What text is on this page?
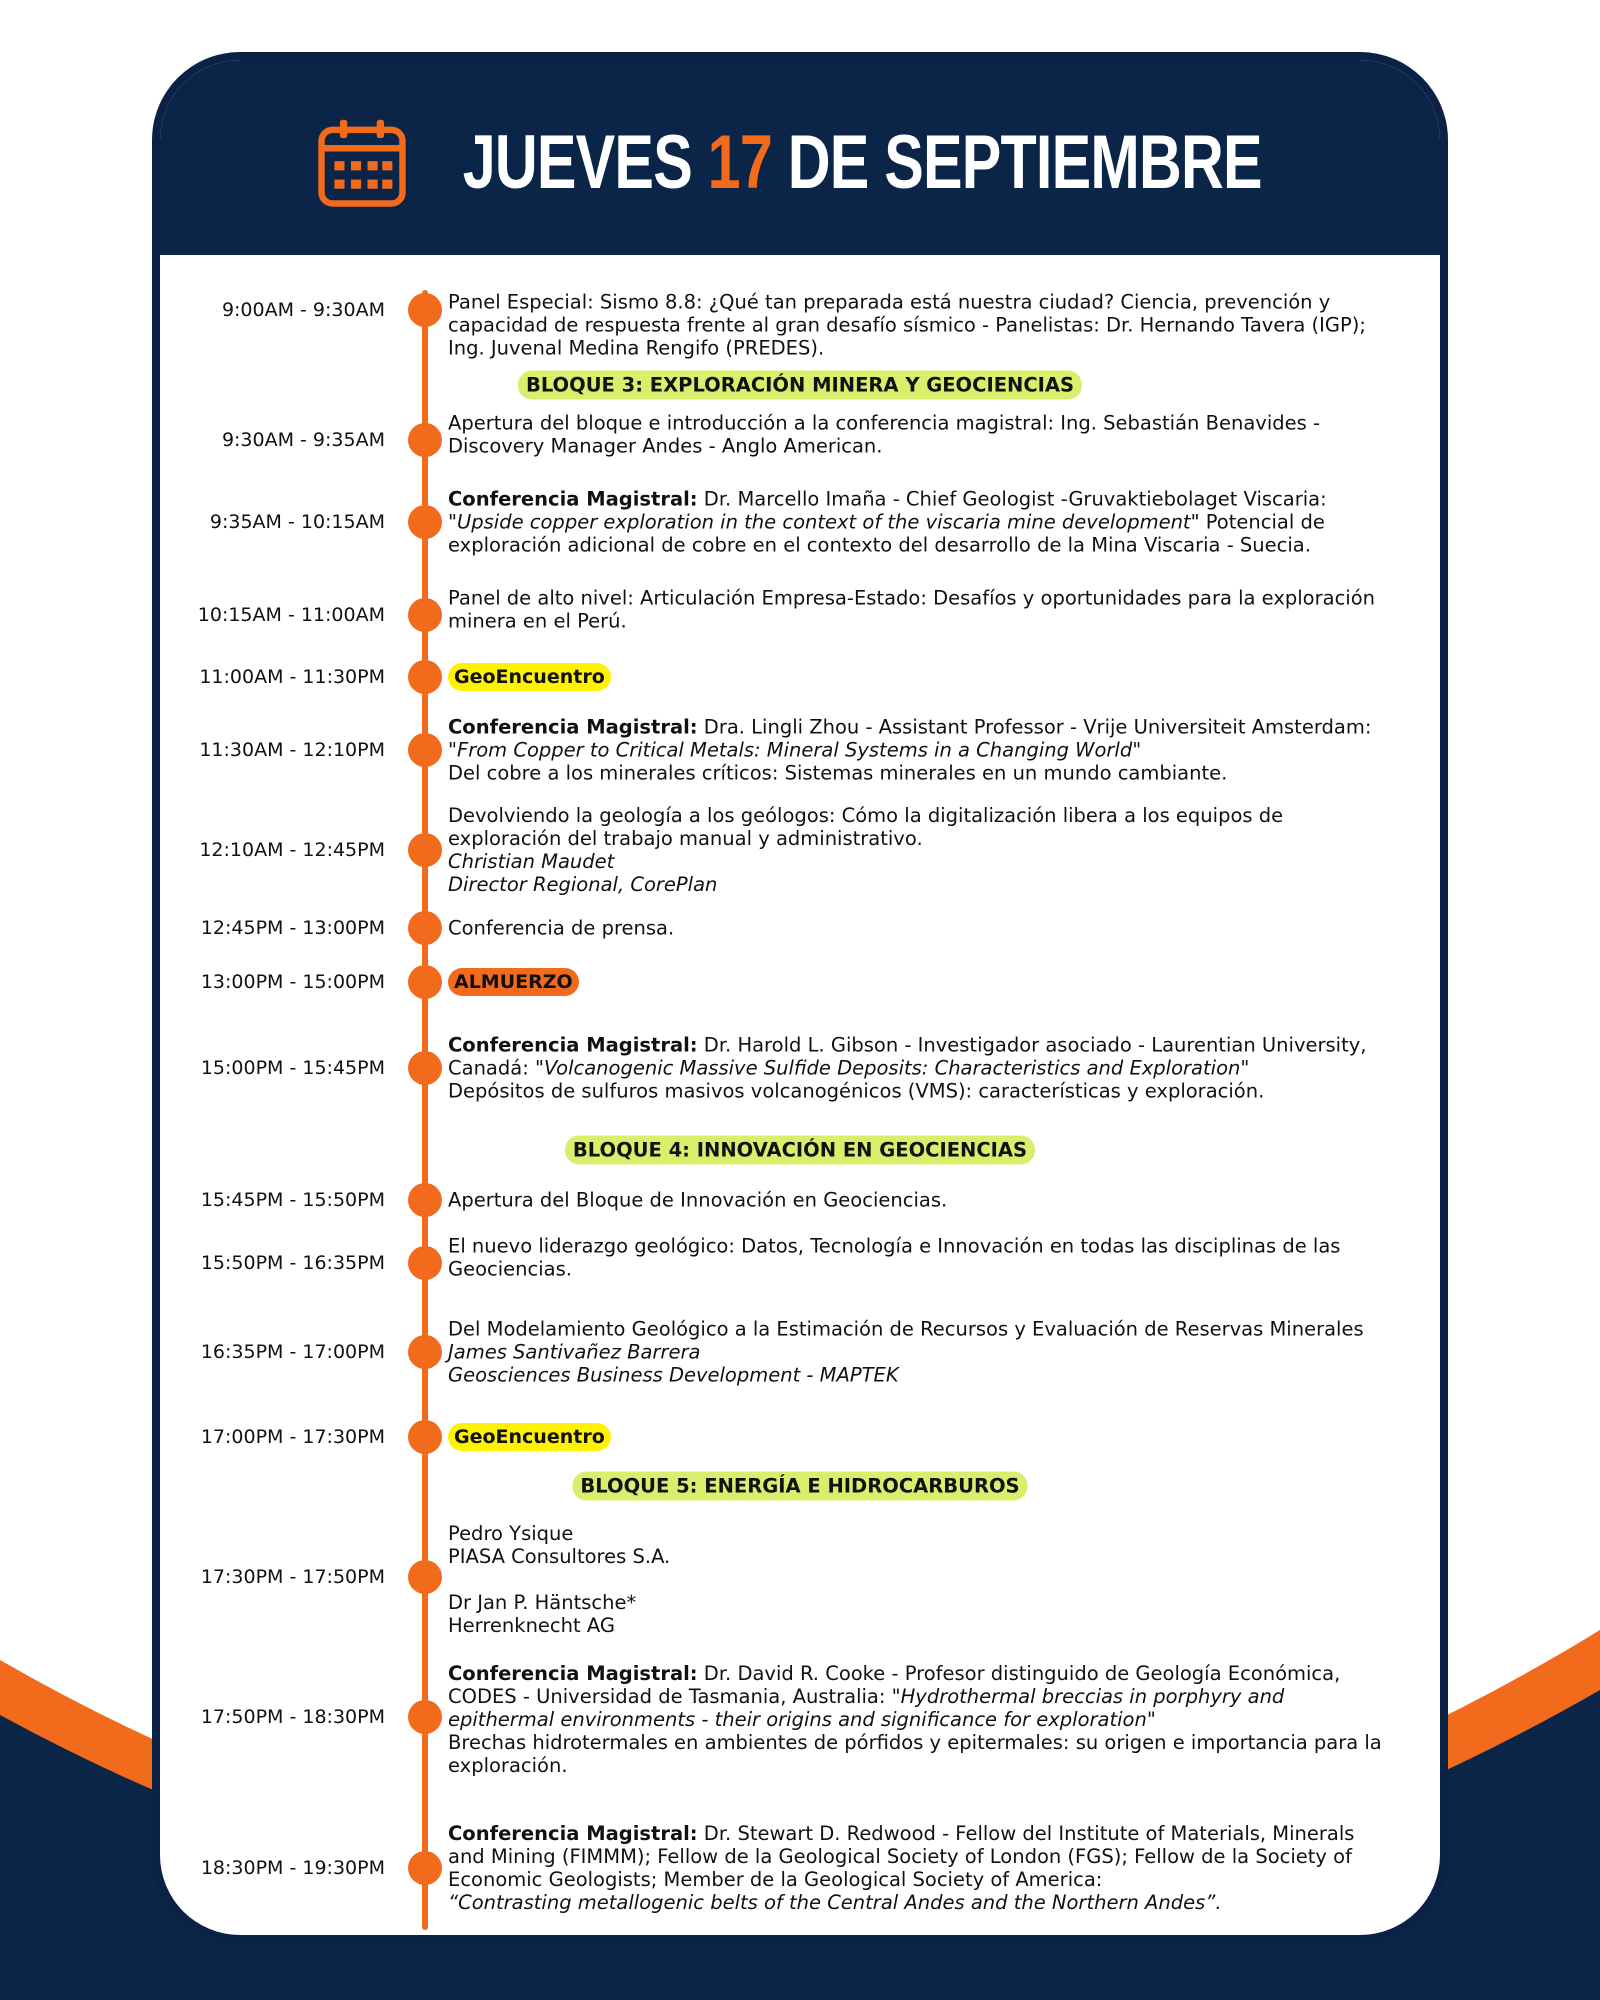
JUEVES 17 DE SEPTIEMBRE
9:00AM - 9:30AM	Panel Especial: Sismo 8.8: ¿Qué tan preparada está nuestra ciudad? Ciencia, prevención y capacidad de respuesta frente al gran desafío sísmico - Panelistas: Dr. Hernando Tavera (IGP); Ing. Juvenal Medina Rengifo (PREDES).
BLOQUE 3: EXPLORACIÓN MINERA Y GEOCIENCIAS
9:30AM - 9:35AM
Apertura del bloque e introducción a la conferencia magistral: Ing. Sebastián Benavides - Discovery Manager Andes - Anglo American.
9:35AM - 10:15AM
Conferencia Magistral: Dr. Marcello Imaña - Chief Geologist -Gruvaktiebolaget Viscaria:
"Upside copper exploration in the context of the viscaria mine development" Potencial de exploración adicional de cobre en el contexto del desarrollo de la Mina Viscaria - Suecia.
10:15AM - 11:00AM
Panel de alto nivel: Articulación Empresa-Estado: Desafíos y oportunidades para la exploración minera en el Perú.
11:00AM - 11:30PM	GeoEncuentro
11:30AM - 12:10PM
Conferencia Magistral: Dra. Lingli Zhou - Assistant Professor - Vrije Universiteit Amsterdam: "From Copper to Critical Metals: Mineral Systems in a Changing World"
Del cobre a los minerales críticos: Sistemas minerales en un mundo cambiante.
12:10AM - 12:45PM
Devolviendo la geología a los geólogos: Cómo la digitalización libera a los equipos de exploración del trabajo manual y administrativo.
Christian Maudet
Director Regional, CorePlan
12:45PM - 13:00PM	Conferencia de prensa.
13:00PM - 15:00PM	ALMUERZO
15:00PM - 15:45PM
Conferencia Magistral: Dr. Harold L. Gibson - Investigador asociado - Laurentian University, Canadá: "Volcanogenic Massive Sulfide Deposits: Characteristics and Exploration"
Depósitos de sulfuros masivos volcanogénicos (VMS): características y exploración.
BLOQUE 4: INNOVACIÓN EN GEOCIENCIAS
15:45PM - 15:50PM	Apertura del Bloque de Innovación en Geociencias.
15:50PM - 16:35PM
El nuevo liderazgo geológico: Datos, Tecnología e Innovación en todas las disciplinas de las Geociencias.
16:35PM - 17:00PM
Del Modelamiento Geológico a la Estimación de Recursos y Evaluación de Reservas Minerales
James Santivañez Barrera
Geosciences Business Development - MAPTEK
17:00PM - 17:30PM	GeoEncuentro
BLOQUE 5: ENERGÍA E HIDROCARBUROS
17:30PM - 17:50PM
Pedro Ysique
PIASA Consultores S.A.

Dr Jan P. Häntsche*
Herrenknecht AG
17:50PM - 18:30PM
Conferencia Magistral: Dr. David R. Cooke - Profesor distinguido de Geología Económica, CODES - Universidad de Tasmania, Australia: "Hydrothermal breccias in porphyry and epithermal environments - their origins and significance for exploration"
Brechas hidrotermales en ambientes de pórfidos y epitermales: su origen e importancia para la exploración.
18:30PM - 19:30PM
Conferencia Magistral: Dr. Stewart D. Redwood - Fellow del Institute of Materials, Minerals and Mining (FIMMM); Fellow de la Geological Society of London (FGS); Fellow de la Society of Economic Geologists; Member de la Geological Society of America:
“Contrasting metallogenic belts of the Central Andes and the Northern Andes”.
